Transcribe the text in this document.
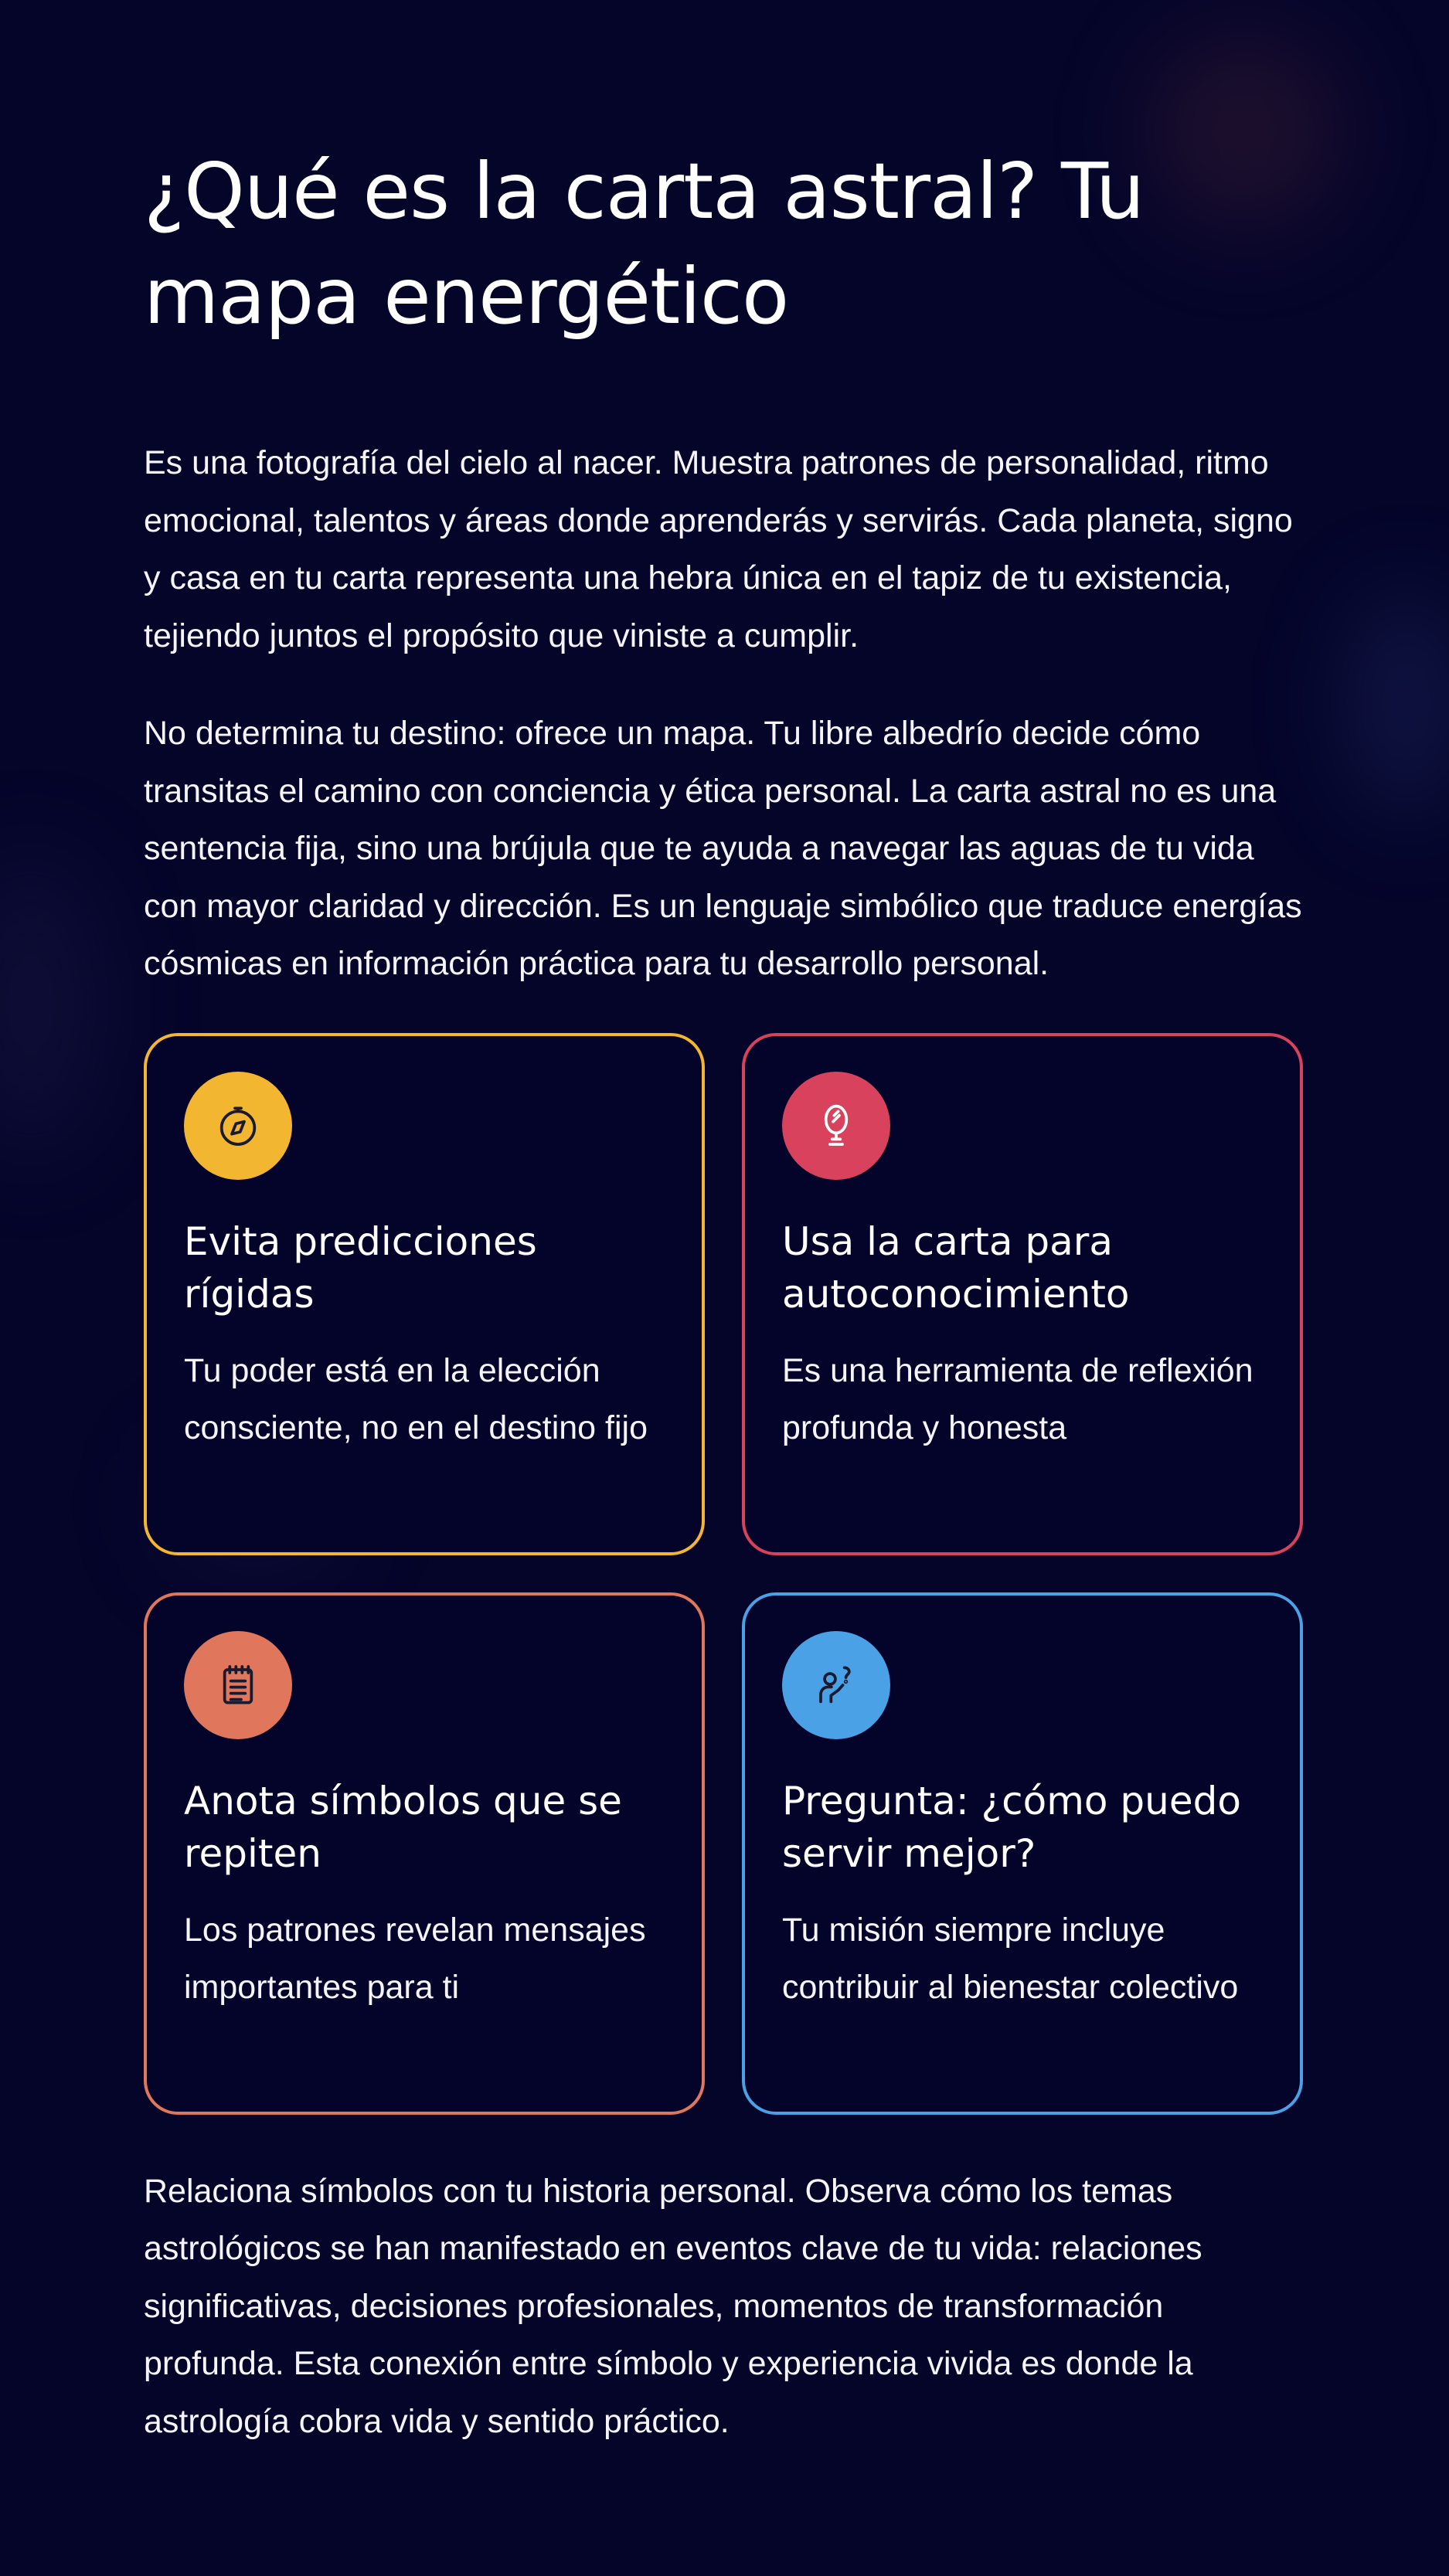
¿Qué es la carta astral? Tu mapa energético

Es una fotografía del cielo al nacer. Muestra patrones de personalidad, ritmo emocional, talentos y áreas donde aprenderás y servirás. Cada planeta, signo y casa en tu carta representa una hebra única en el tapiz de tu existencia, tejiendo juntos el propósito que viniste a cumplir.

No determina tu destino: ofrece un mapa. Tu libre albedrío decide cómo transitas el camino con conciencia y ética personal. La carta astral no es una sentencia fija, sino una brújula que te ayuda a navegar las aguas de tu vida con mayor claridad y dirección. Es un lenguaje simbólico que traduce energías cósmicas en información práctica para tu desarrollo personal.

Evita predicciones rígidas

Tu poder está en la elección consciente, no en el destino fijo

Usa la carta para autoconocimiento

Es una herramienta de reflexión profunda y honesta

Anota símbolos que se repiten

Los patrones revelan mensajes importantes para ti

Pregunta: ¿cómo puedo servir mejor?

Tu misión siempre incluye contribuir al bienestar colectivo

Relaciona símbolos con tu historia personal. Observa cómo los temas astrológicos se han manifestado en eventos clave de tu vida: relaciones significativas, decisiones profesionales, momentos de transformación profunda. Esta conexión entre símbolo y experiencia vivida es donde la astrología cobra vida y sentido práctico.
